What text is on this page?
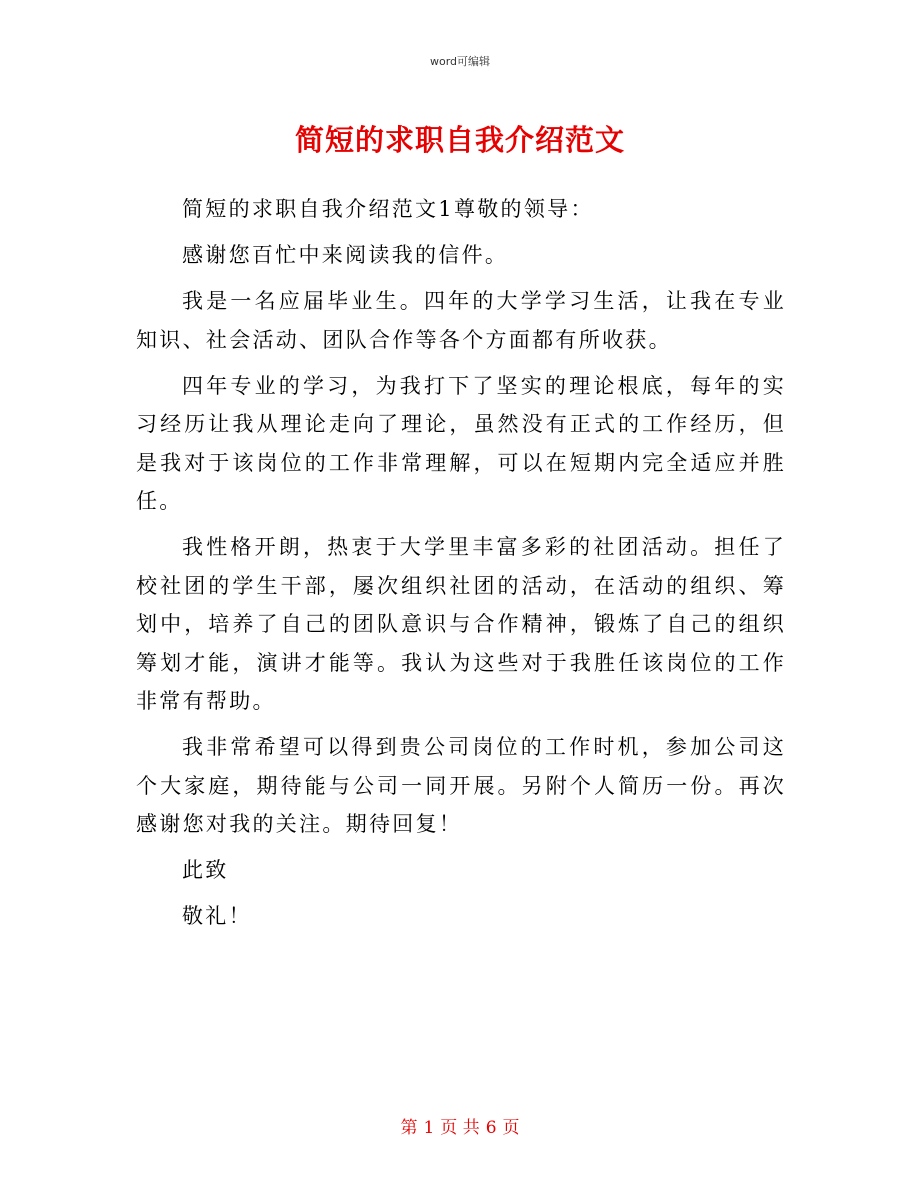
word可编辑
简短的求职自我介绍范文

简短的求职自我介绍范文1尊敬的领导：

感谢您百忙中来阅读我的信件。

我是一名应届毕业生。四年的大学学习生活，让我在专业知识、社会活动、团队合作等各个方面都有所收获。

四年专业的学习，为我打下了坚实的理论根底，每年的实习经历让我从理论走向了理论，虽然没有正式的工作经历，但是我对于该岗位的工作非常理解，可以在短期内完全适应并胜任。

我性格开朗，热衷于大学里丰富多彩的社团活动。担任了校社团的学生干部，屡次组织社团的活动，在活动的组织、筹划中，培养了自己的团队意识与合作精神，锻炼了自己的组织筹划才能，演讲才能等。我认为这些对于我胜任该岗位的工作非常有帮助。

我非常希望可以得到贵公司岗位的工作时机，参加公司这个大家庭，期待能与公司一同开展。另附个人简历一份。再次感谢您对我的关注。期待回复！

此致

敬礼！

第 1 页 共 6 页
